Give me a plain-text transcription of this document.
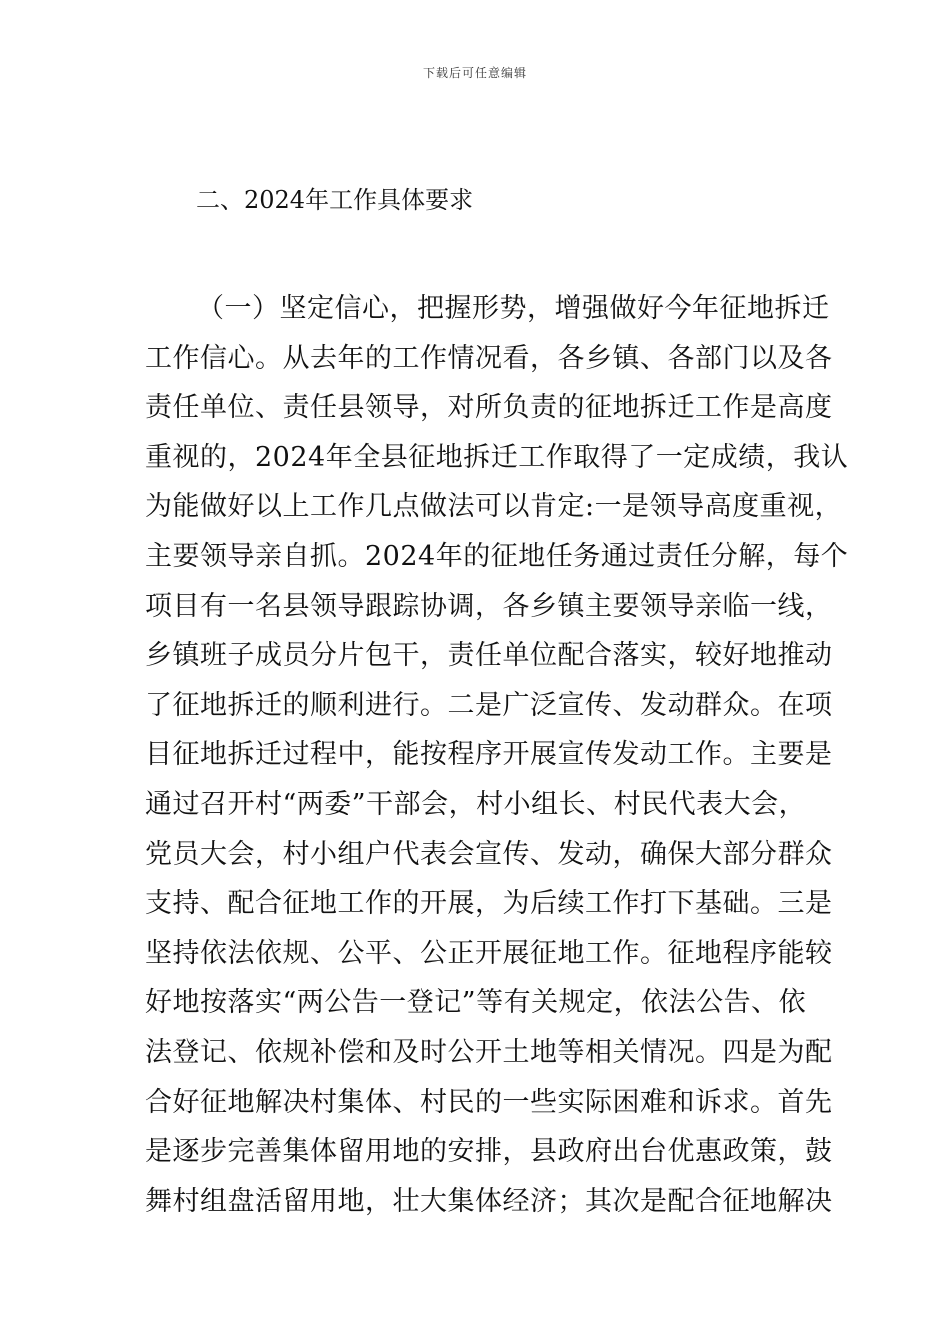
下载后可任意编辑
二、2024年工作具体要求
（一）坚定信心，把握形势，增强做好今年征地拆迁
工作信心。从去年的工作情况看，各乡镇、各部门以及各
责任单位、责任县领导，对所负责的征地拆迁工作是高度
重视的，2024年全县征地拆迁工作取得了一定成绩，我认
为能做好以上工作几点做法可以肯定:一是领导高度重视，
主要领导亲自抓。2024年的征地任务通过责任分解，每个
项目有一名县领导跟踪协调，各乡镇主要领导亲临一线，
乡镇班子成员分片包干，责任单位配合落实，较好地推动
了征地拆迁的顺利进行。二是广泛宣传、发动群众。在项
目征地拆迁过程中，能按程序开展宣传发动工作。主要是
通过召开村“两委”干部会，村小组长、村民代表大会，
党员大会，村小组户代表会宣传、发动，确保大部分群众
支持、配合征地工作的开展，为后续工作打下基础。三是
坚持依法依规、公平、公正开展征地工作。征地程序能较
好地按落实“两公告一登记”等有关规定，依法公告、依
法登记、依规补偿和及时公开土地等相关情况。四是为配
合好征地解决村集体、村民的一些实际困难和诉求。首先
是逐步完善集体留用地的安排，县政府出台优惠政策，鼓
舞村组盘活留用地，壮大集体经济；其次是配合征地解决
